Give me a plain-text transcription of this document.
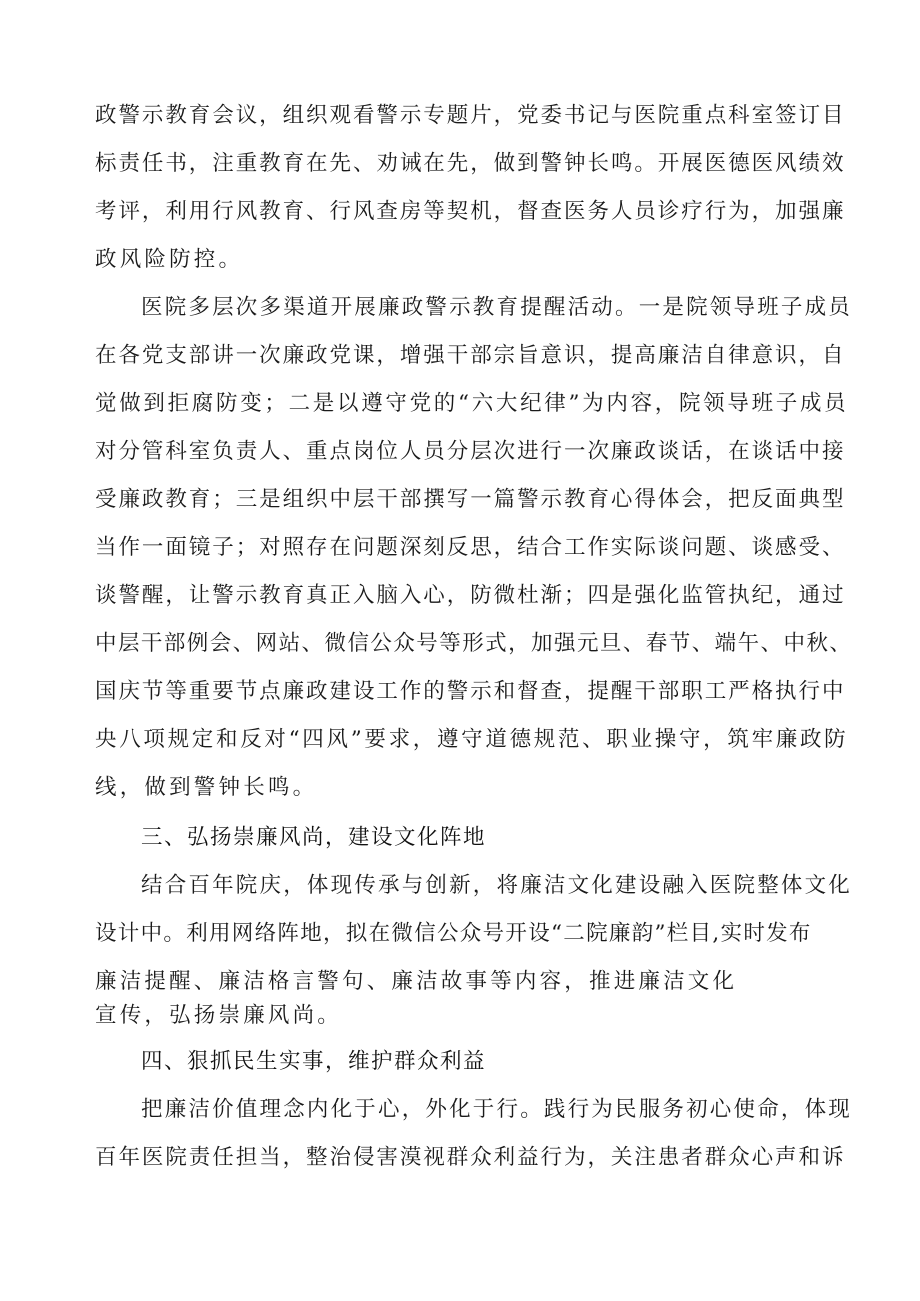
政警示教育会议，组织观看警示专题片，党委书记与医院重点科室签订目
标责任书，注重教育在先、劝诫在先，做到警钟长鸣。开展医德医风绩效
考评，利用行风教育、行风查房等契机，督查医务人员诊疗行为，加强廉
政风险防控。
医院多层次多渠道开展廉政警示教育提醒活动。一是院领导班子成员
在各党支部讲一次廉政党课，增强干部宗旨意识，提高廉洁自律意识，自
觉做到拒腐防变；二是以遵守党的“六大纪律”为内容，院领导班子成员
对分管科室负责人、重点岗位人员分层次进行一次廉政谈话，在谈话中接
受廉政教育；三是组织中层干部撰写一篇警示教育心得体会，把反面典型
当作一面镜子；对照存在问题深刻反思，结合工作实际谈问题、谈感受、
谈警醒，让警示教育真正入脑入心，防微杜渐；四是强化监管执纪，通过
中层干部例会、网站、微信公众号等形式，加强元旦、春节、端午、中秋、
国庆节等重要节点廉政建设工作的警示和督查，提醒干部职工严格执行中
央八项规定和反对“四风”要求，遵守道德规范、职业操守，筑牢廉政防
线，做到警钟长鸣。
三、弘扬崇廉风尚，建设文化阵地
结合百年院庆，体现传承与创新，将廉洁文化建设融入医院整体文化
设计中。利用网络阵地，拟在微信公众号开设“二院廉韵”栏目,实时发布
廉洁提醒、廉洁格言警句、廉洁故事等内容，推进廉洁文化
宣传，弘扬崇廉风尚。
四、狠抓民生实事，维护群众利益
把廉洁价值理念内化于心，外化于行。践行为民服务初心使命，体现
百年医院责任担当，整治侵害漠视群众利益行为，关注患者群众心声和诉
